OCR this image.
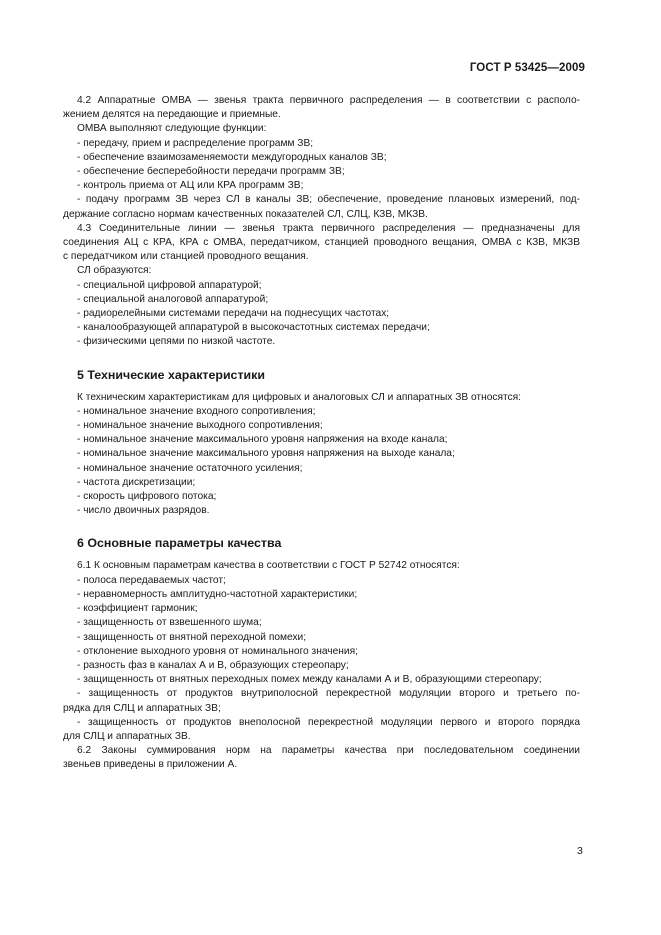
ГОСТ Р 53425—2009

4.2 Аппаратные ОМВА — звенья тракта первичного распределения — в соответствии с располо-

жением делятся на передающие и приемные.

ОМВА выполняют следующие функции:

- передачу, прием и распределение программ ЗВ;

- обеспечение взаимозаменяемости междугородных каналов ЗВ;

- обеспечение бесперебойности передачи программ ЗВ;

- контроль приема от АЦ или КРА программ ЗВ;

- подачу программ ЗВ через СЛ в каналы ЗВ; обеспечение, проведение плановых измерений, под-

держание согласно нормам качественных показателей СЛ, СЛЦ, КЗВ, МКЗВ.

4.3 Соединительные линии — звенья тракта первичного распределения — предназначены для

соединения АЦ с КРА, КРА с ОМВА, передатчиком, станцией проводного вещания, ОМВА с КЗВ, МКЗВ

с передатчиком или станцией проводного вещания.

СЛ образуются:

- специальной цифровой аппаратурой;

- специальной аналоговой аппаратурой;

- радиорелейными системами передачи на поднесущих частотах;

- каналообразующей аппаратурой в высокочастотных системах передачи;

- физическими цепями по низкой частоте.

5 Технические характеристики

К техническим характеристикам для цифровых и аналоговых СЛ и аппаратных ЗВ относятся:

- номинальное значение входного сопротивления;

- номинальное значение выходного сопротивления;

- номинальное значение максимального уровня напряжения на входе канала;

- номинальное значение максимального уровня напряжения на выходе канала;

- номинальное значение остаточного усиления;

- частота дискретизации;

- скорость цифрового потока;

- число двоичных разрядов.

6 Основные параметры качества

6.1 К основным параметрам качества в соответствии с ГОСТ Р 52742 относятся:

- полоса передаваемых частот;

- неравномерность амплитудно-частотной характеристики;

- коэффициент гармоник;

- защищенность от взвешенного шума;

- защищенность от внятной переходной помехи;

- отклонение выходного уровня от номинального значения;

- разность фаз в каналах А и В, образующих стереопару;

- защищенность от внятных переходных помех между каналами А и В, образующими стереопару;

- защищенность от продуктов внутриполосной перекрестной модуляции второго и третьего по-

рядка для СЛЦ и аппаратных ЗВ;

- защищенность от продуктов внеполосной перекрестной модуляции первого и второго порядка

для СЛЦ и аппаратных ЗВ.

6.2 Законы суммирования норм на параметры качества при последовательном соединении

звеньев приведены в приложении А.

3
